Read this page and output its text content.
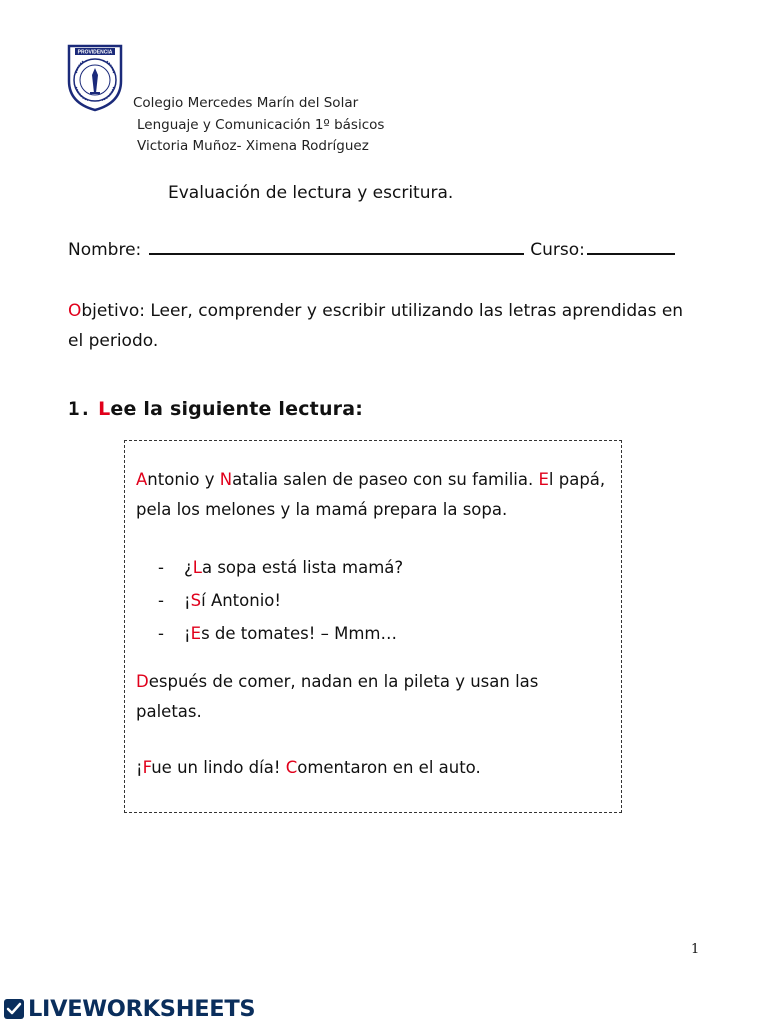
PROVIDENCIA
Colegio Mercedes Marín del Solar
Lenguaje y Comunicación 1º básicos
Victoria Muñoz- Ximena Rodríguez
Evaluación de lectura y escritura.
Nombre:	Curso:
Objetivo: Leer, comprender y escribir utilizando las letras aprendidas en el periodo.
1. Lee la siguiente lectura:

Antonio y Natalia salen de paseo con su familia. El papá, pela los melones y la mamá prepara la sopa.

-	¿La sopa está lista mamá?
-	¡Sí Antonio!
-	¡Es de tomates! – Mmm…

Después de comer, nadan en la pileta y usan las paletas.

¡Fue un lindo día! Comentaron en el auto.

1
LIVEWORKSHEETS
